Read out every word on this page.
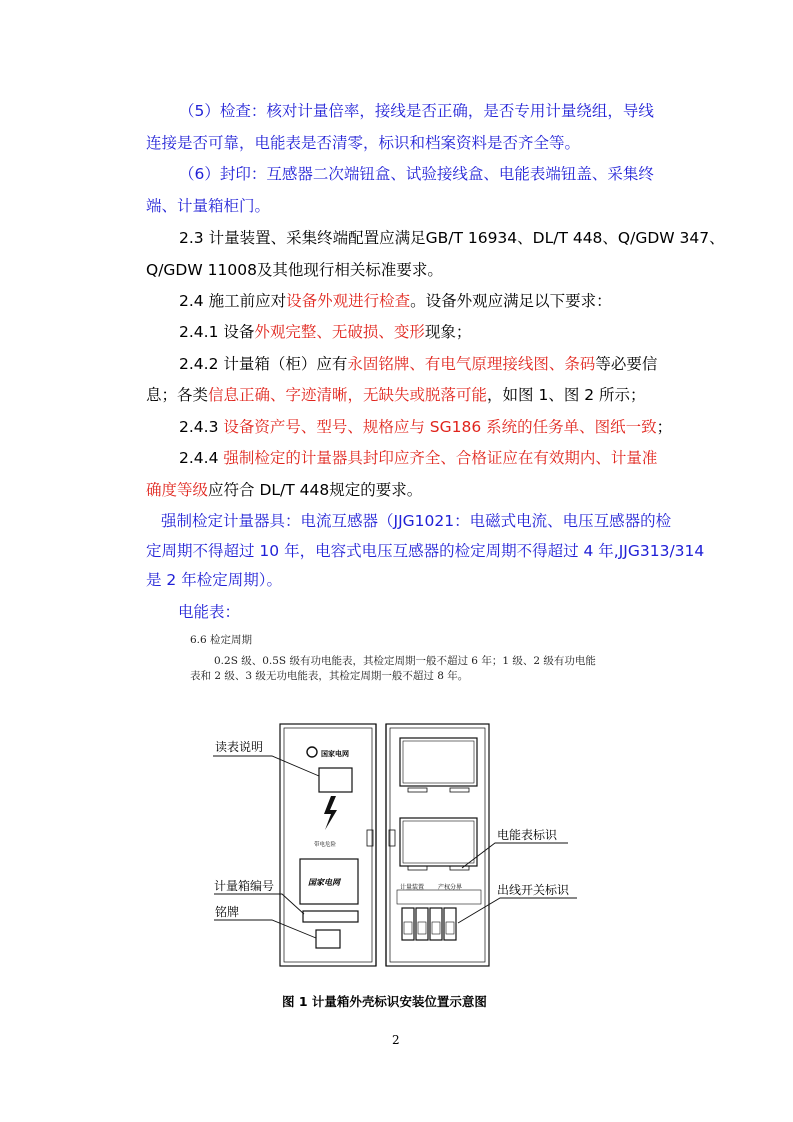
（5）检查：核对计量倍率，接线是否正确，是否专用计量绕组，导线
连接是否可靠，电能表是否清零，标识和档案资料是否齐全等。
（6）封印：互感器二次端钮盒、试验接线盒、电能表端钮盖、采集终
端、计量箱柜门。
2.3 计量装置、采集终端配置应满足GB/T 16934、DL/T 448、Q/GDW 347、
Q/GDW 11008及其他现行相关标准要求。
2.4 施工前应对设备外观进行检查。设备外观应满足以下要求：
2.4.1 设备外观完整、无破损、变形现象；
2.4.2 计量箱（柜）应有永固铭牌、有电气原理接线图、条码等必要信
息；各类信息正确、字迹清晰，无缺失或脱落可能，如图 1、图 2 所示；
2.4.3 设备资产号、型号、规格应与 SG186 系统的任务单、图纸一致；
2.4.4 强制检定的计量器具封印应齐全、合格证应在有效期内、计量准
确度等级应符合 DL/T 448规定的要求。
强制检定计量器具：电流互感器（JJG1021：电磁式电流、电压互感器的检
定周期不得超过 10 年，电容式电压互感器的检定周期不得超过 4 年,JJG313/314
是 2 年检定周期）。
电能表：
6.6 检定周期
0.2S 级、0.5S 级有功电能表，其检定周期一般不超过 6 年；1 级、2 级有功电能
表和 2 级、3 级无功电能表，其检定周期一般不超过 8 年。
国家电网
带电危险
国家电网
计量装置 产权分界
读表说明
计量箱编号
铭牌
电能表标识
出线开关标识
图 1 计量箱外壳标识安装位置示意图
2
